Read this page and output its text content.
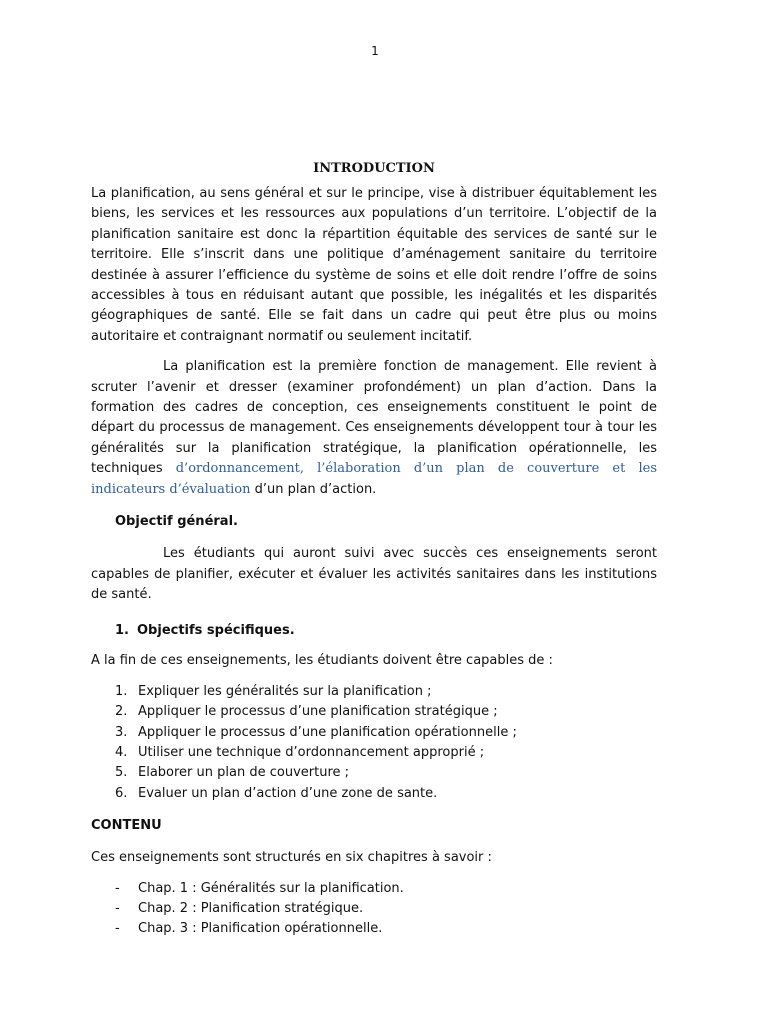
1
INTRODUCTION

La planification, au sens général et sur le principe, vise à distribuer équitablement les biens, les services et les ressources aux populations d’un territoire. L’objectif de la planification sanitaire est donc la répartition équitable des services de santé sur le territoire. Elle s’inscrit dans une politique d’aménagement sanitaire du territoire destinée à assurer l’efficience du système de soins et elle doit rendre l’offre de soins accessibles à tous en réduisant autant que possible, les inégalités et les disparités géographiques de santé. Elle se fait dans un cadre qui peut être plus ou moins autoritaire et contraignant normatif ou seulement incitatif.

La planification est la première fonction de management. Elle revient à scruter l’avenir et dresser (examiner profondément) un plan d’action. Dans la formation des cadres de conception, ces enseignements constituent le point de départ du processus de management. Ces enseignements développent tour à tour les généralités sur la planification stratégique, la planification opérationnelle, les techniques d’ordonnancement, l’élaboration d’un plan de couverture et les indicateurs d’évaluation d’un plan d’action.

Objectif général.

Les étudiants qui auront suivi avec succès ces enseignements seront capables de planifier, exécuter et évaluer les activités sanitaires dans les institutions de santé.

1. Objectifs spécifiques.

A la fin de ces enseignements, les étudiants doivent être capables de :

1. Expliquer les généralités sur la planification ;
2. Appliquer le processus d’une planification stratégique ;
3. Appliquer le processus d’une planification opérationnelle ;
4. Utiliser une technique d’ordonnancement approprié ;
5. Elaborer un plan de couverture ;
6. Evaluer un plan d’action d’une zone de sante.
CONTENU

Ces enseignements sont structurés en six chapitres à savoir :

- Chap. 1 : Généralités sur la planification.
- Chap. 2 : Planification stratégique.
- Chap. 3 : Planification opérationnelle.
